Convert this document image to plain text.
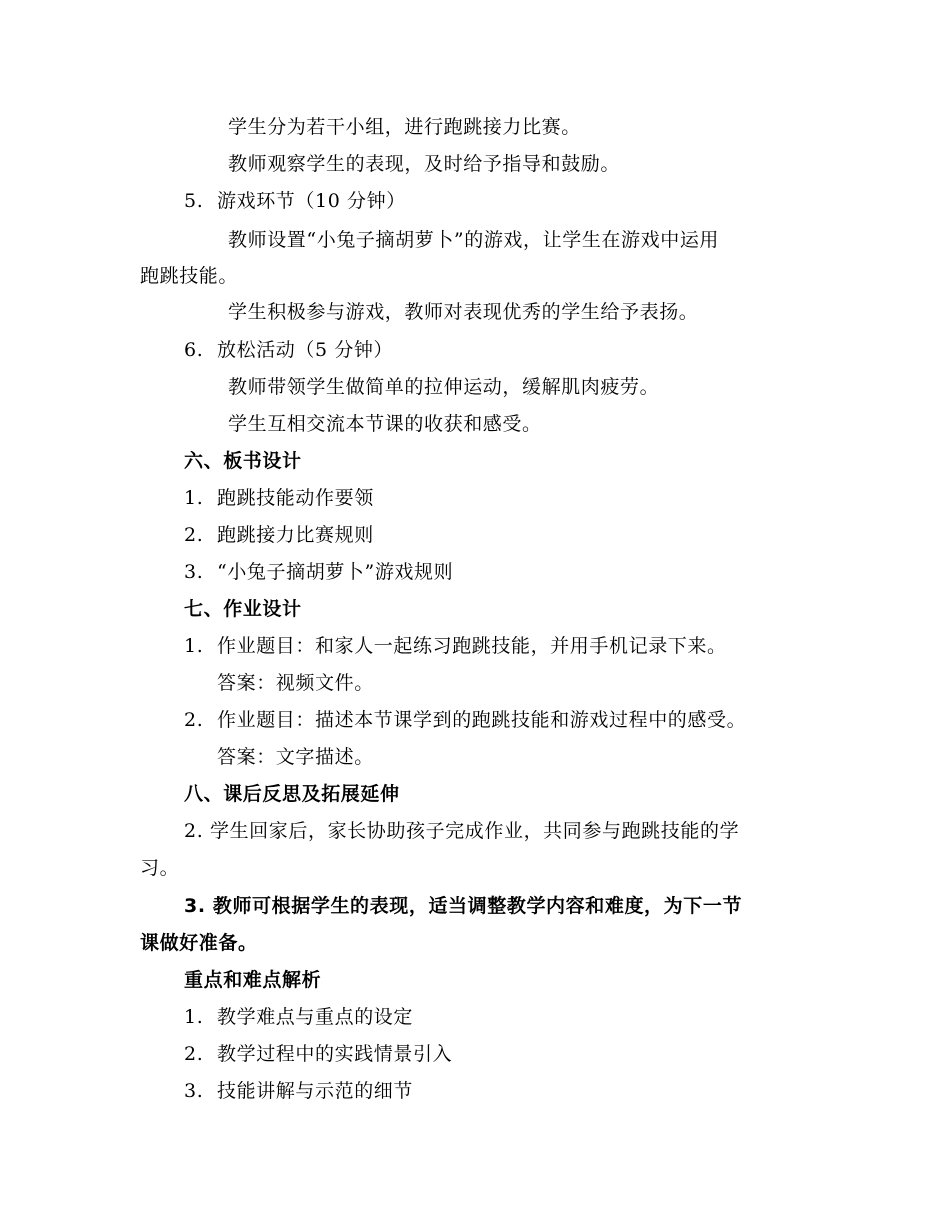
学生分为若干小组，进行跑跳接力比赛。
教师观察学生的表现，及时给予指导和鼓励。
5. 游戏环节（10 分钟）
教师设置“小兔子摘胡萝卜”的游戏，让学生在游戏中运用
跑跳技能。
学生积极参与游戏，教师对表现优秀的学生给予表扬。
6. 放松活动（5 分钟）
教师带领学生做简单的拉伸运动，缓解肌肉疲劳。
学生互相交流本节课的收获和感受。
六、板书设计
1. 跑跳技能动作要领
2. 跑跳接力比赛规则
3. “小兔子摘胡萝卜”游戏规则
七、作业设计
1. 作业题目：和家人一起练习跑跳技能，并用手机记录下来。
答案：视频文件。
2. 作业题目：描述本节课学到的跑跳技能和游戏过程中的感受。
答案：文字描述。
八、课后反思及拓展延伸
2. 学生回家后，家长协助孩子完成作业，共同参与跑跳技能的学
习。
3. 教师可根据学生的表现，适当调整教学内容和难度，为下一节
课做好准备。
重点和难点解析
1. 教学难点与重点的设定
2. 教学过程中的实践情景引入
3. 技能讲解与示范的细节
